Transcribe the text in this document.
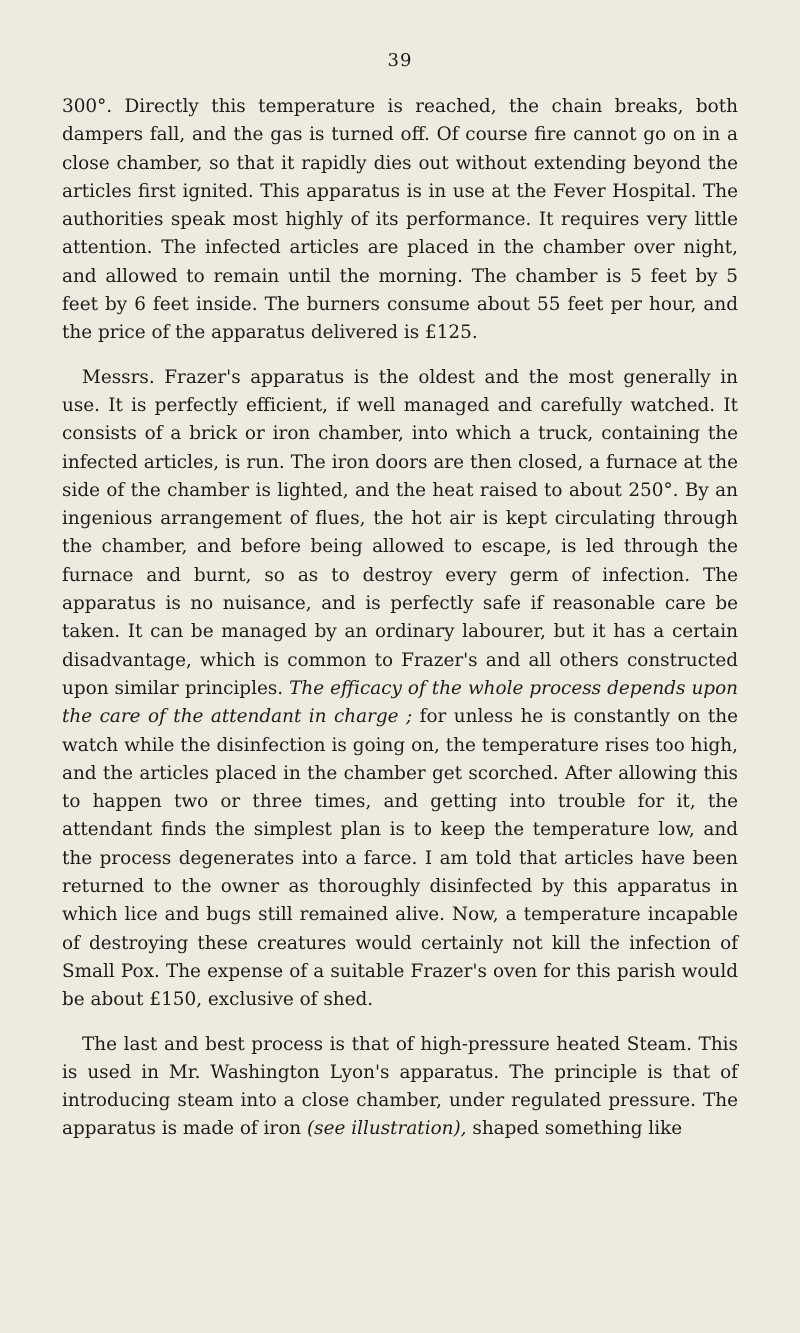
39

300°. Directly this temperature is reached, the chain breaks, both dampers fall, and the gas is turned off. Of course fire cannot go on in a close chamber, so that it rapidly dies out without extending beyond the articles first ignited. This apparatus is in use at the Fever Hospital. The authorities speak most highly of its performance. It requires very little attention. The infected articles are placed in the chamber over night, and allowed to remain until the morning. The chamber is 5 feet by 5 feet by 6 feet inside. The burners consume about 55 feet per hour, and the price of the apparatus delivered is £125.

Messrs. Frazer's apparatus is the oldest and the most generally in use. It is perfectly efficient, if well managed and carefully watched. It consists of a brick or iron chamber, into which a truck, containing the infected articles, is run. The iron doors are then closed, a furnace at the side of the chamber is lighted, and the heat raised to about 250°. By an ingenious arrangement of flues, the hot air is kept circulating through the chamber, and before being allowed to escape, is led through the furnace and burnt, so as to destroy every germ of infection. The apparatus is no nuisance, and is perfectly safe if reasonable care be taken. It can be managed by an ordinary labourer, but it has a certain disadvantage, which is common to Frazer's and all others constructed upon similar principles. The efficacy of the whole process depends upon the care of the attendant in charge ; for unless he is constantly on the watch while the disinfection is going on, the temperature rises too high, and the articles placed in the chamber get scorched. After allowing this to happen two or three times, and getting into trouble for it, the attendant finds the simplest plan is to keep the temperature low, and the process degenerates into a farce. I am told that articles have been returned to the owner as thoroughly disinfected by this apparatus in which lice and bugs still remained alive. Now, a temperature incapable of destroying these creatures would certainly not kill the infection of Small Pox. The expense of a suitable Frazer's oven for this parish would be about £150, exclusive of shed.

The last and best process is that of high-pressure heated Steam. This is used in Mr. Washington Lyon's apparatus. The principle is that of introducing steam into a close chamber, under regulated pressure. The apparatus is made of iron (see illustration), shaped something like
